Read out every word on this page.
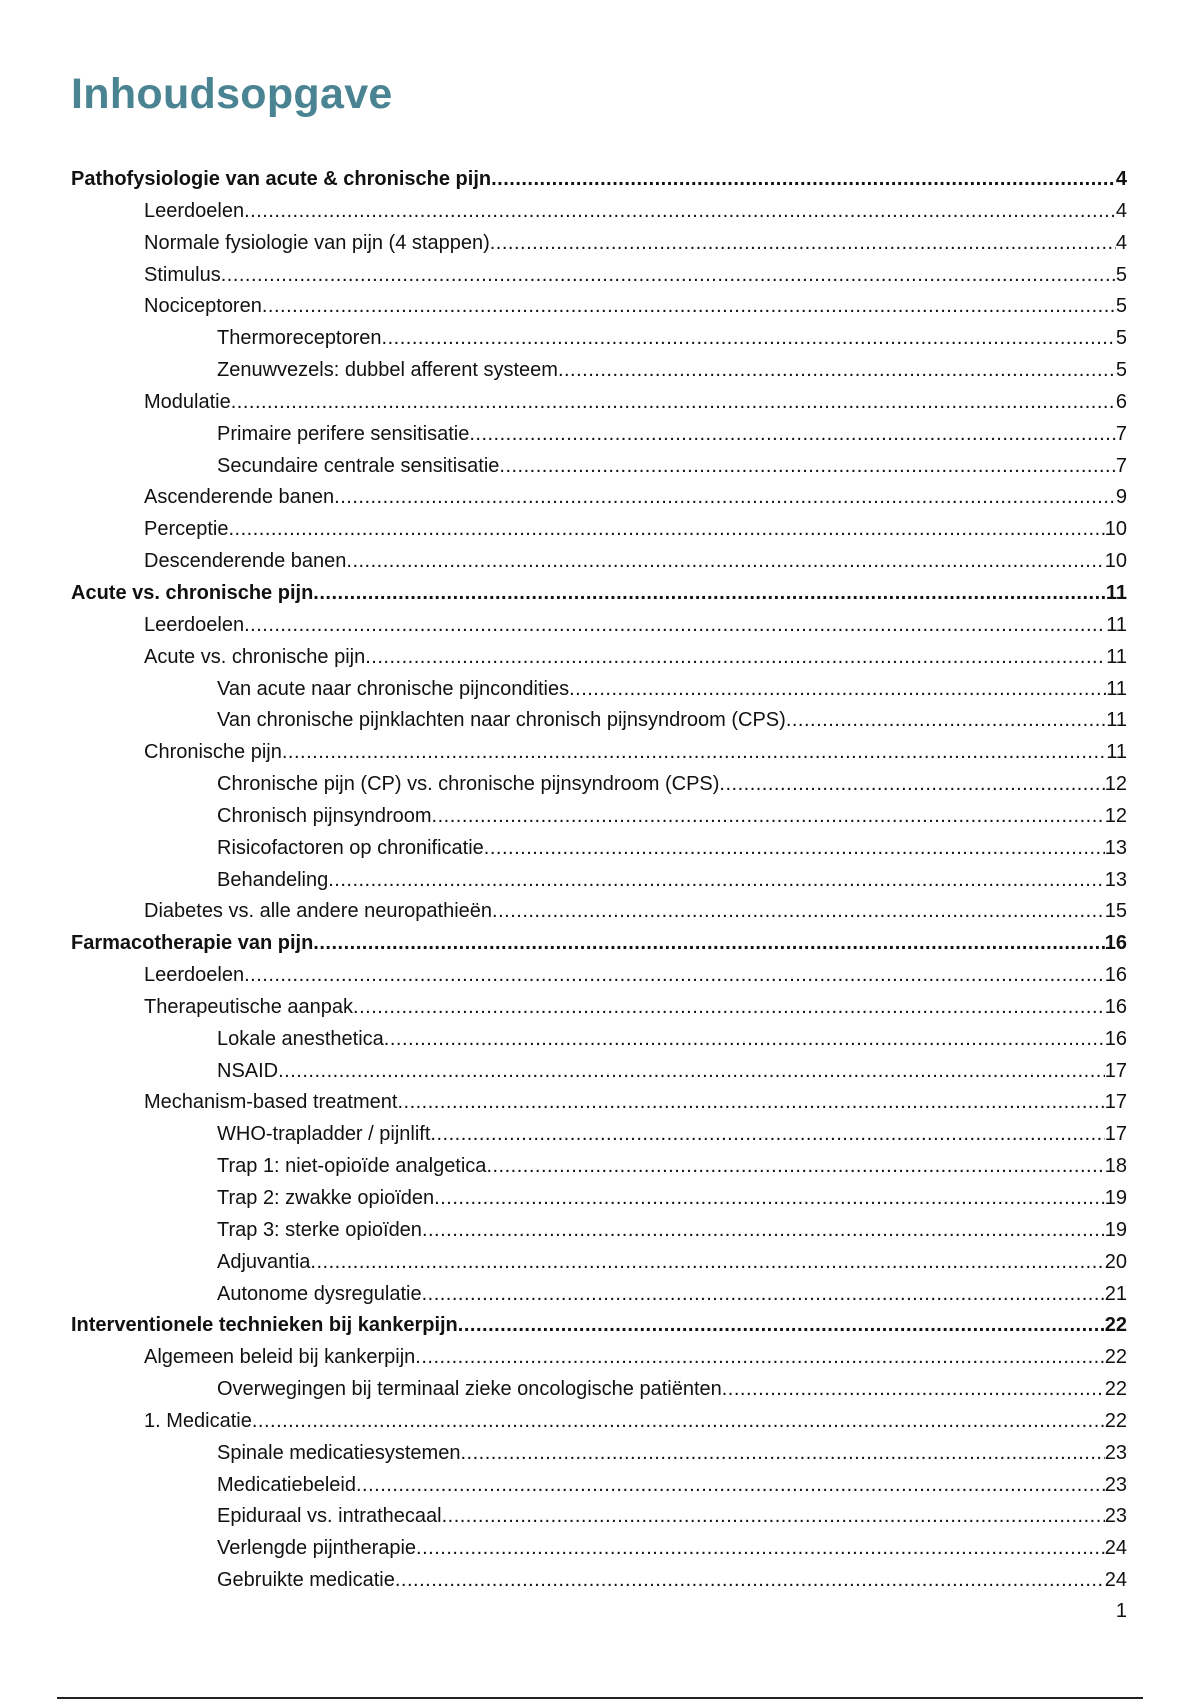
Inhoudsopgave
Pathofysiologie van acute & chronische pijn .....	4
Leerdoelen .....	4
Normale fysiologie van pijn (4 stappen) .....	4
Stimulus .....	5
Nociceptoren .....	5
Thermoreceptoren .....	5
Zenuwvezels: dubbel afferent systeem .....	5
Modulatie .....	6
Primaire perifere sensitisatie .....	7
Secundaire centrale sensitisatie .....	7
Ascenderende banen .....	9
Perceptie .....	10
Descenderende banen .....	10
Acute vs. chronische pijn .....	11
Leerdoelen .....	11
Acute vs. chronische pijn .....	11
Van acute naar chronische pijncondities .....	11
Van chronische pijnklachten naar chronisch pijnsyndroom (CPS) .....	11
Chronische pijn .....	11
Chronische pijn (CP) vs. chronische pijnsyndroom (CPS) .....	12
Chronisch pijnsyndroom .....	12
Risicofactoren op chronificatie .....	13
Behandeling .....	13
Diabetes vs. alle andere neuropathieën .....	15
Farmacotherapie van pijn .....	16
Leerdoelen .....	16
Therapeutische aanpak .....	16
Lokale anesthetica .....	16
NSAID .....	17
Mechanism-based treatment .....	17
WHO-trapladder / pijnlift .....	17
Trap 1: niet-opioïde analgetica .....	18
Trap 2: zwakke opioïden .....	19
Trap 3: sterke opioïden .....	19
Adjuvantia .....	20
Autonome dysregulatie .....	21
Interventionele technieken bij kankerpijn .....	22
Algemeen beleid bij kankerpijn .....	22
Overwegingen bij terminaal zieke oncologische patiënten .....	22
1. Medicatie .....	22
Spinale medicatiesystemen .....	23
Medicatiebeleid .....	23
Epiduraal vs. intrathecaal .....	23
Verlengde pijntherapie .....	24
Gebruikte medicatie .....	24
1
